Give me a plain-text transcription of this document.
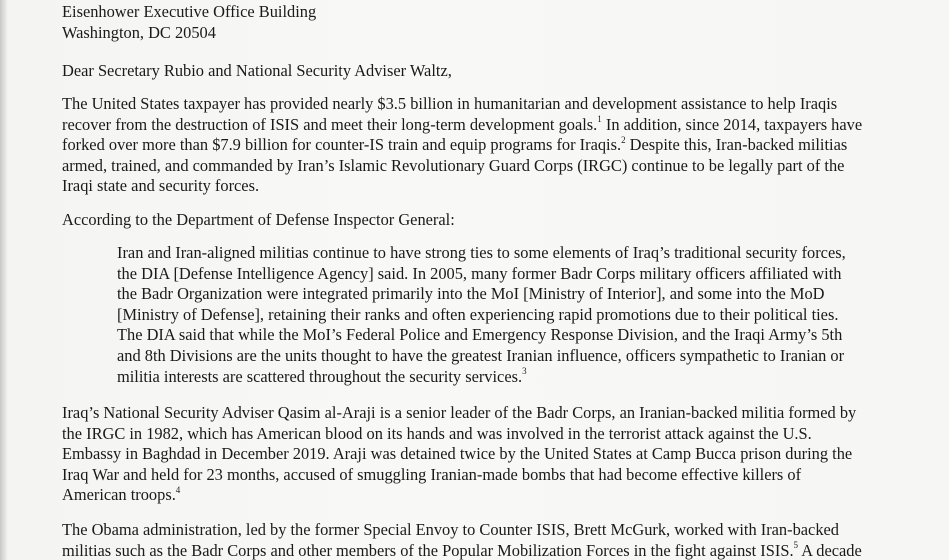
Eisenhower Executive Office Building
Washington, DC 20504
Dear Secretary Rubio and National Security Adviser Waltz,
The United States taxpayer has provided nearly $3.5 billion in humanitarian and development assistance to help Iraqis
recover from the destruction of ISIS and meet their long-term development goals.$^1$ In addition, since 2014, taxpayers have
forked over more than $7.9 billion for counter-IS train and equip programs for Iraqis.$^2$ Despite this, Iran-backed militias
armed, trained, and commanded by Iran’s Islamic Revolutionary Guard Corps (IRGC) continue to be legally part of the
Iraqi state and security forces.
According to the Department of Defense Inspector General:
Iran and Iran-aligned militias continue to have strong ties to some elements of Iraq’s traditional security forces,
the DIA [Defense Intelligence Agency] said. In 2005, many former Badr Corps military officers affiliated with
the Badr Organization were integrated primarily into the MoI [Ministry of Interior], and some into the MoD
[Ministry of Defense], retaining their ranks and often experiencing rapid promotions due to their political ties.
The DIA said that while the MoI’s Federal Police and Emergency Response Division, and the Iraqi Army’s 5th
and 8th Divisions are the units thought to have the greatest Iranian influence, officers sympathetic to Iranian or
militia interests are scattered throughout the security services.$^3$
Iraq’s National Security Adviser Qasim al-Araji is a senior leader of the Badr Corps, an Iranian-backed militia formed by
the IRGC in 1982, which has American blood on its hands and was involved in the terrorist attack against the U.S.
Embassy in Baghdad in December 2019. Araji was detained twice by the United States at Camp Bucca prison during the
Iraq War and held for 23 months, accused of smuggling Iranian-made bombs that had become effective killers of
American troops.$^4$
The Obama administration, led by the former Special Envoy to Counter ISIS, Brett McGurk, worked with Iran-backed
militias such as the Badr Corps and other members of the Popular Mobilization Forces in the fight against ISIS.$^5$ A decade
